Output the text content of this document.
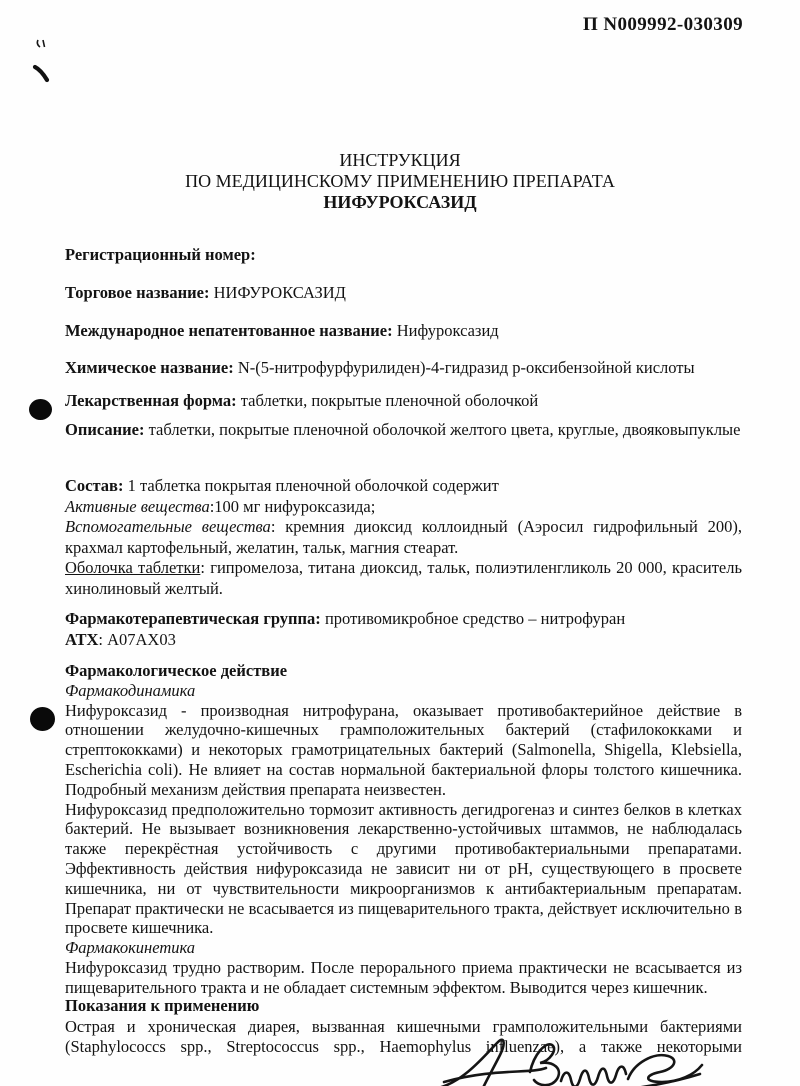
П N009992-030309
ИНСТРУКЦИЯ
ПО МЕДИЦИНСКОМУ ПРИМЕНЕНИЮ ПРЕПАРАТА
НИФУРОКСАЗИД
Регистрационный номер:
Торговое название: НИФУРОКСАЗИД
Международное непатентованное название: Нифуроксазид
Химическое название: N-(5-нитрофурфурилиден)-4-гидразид р-оксибензойной кислоты
Лекарственная форма: таблетки, покрытые пленочной оболочкой
Описание: таблетки, покрытые пленочной оболочкой желтого цвета, круглые, двояковыпуклые

Состав: 1 таблетка покрытая пленочной оболочкой содержит

Активные вещества:100 мг нифуроксазида;

Вспомогательные вещества: кремния диоксид коллоидный (Аэросил гидрофильный 200), крахмал картофельный, желатин, тальк, магния стеарат.

Оболочка таблетки: гипромелоза, титана диоксид, тальк, полиэтиленгликоль 20 000, краситель хинолиновый желтый.

Фармакотерапевтическая группа: противомикробное средство – нитрофуран

АТХ: A07AX03

Фармакологическое действие

Фармакодинамика

Нифуроксазид - производная нитрофурана, оказывает противобактерийное действие в отношении желудочно-кишечных грамположительных бактерий (стафилококками и стрептококками) и некоторых грамотрицательных бактерий (Salmonella, Shigella, Klebsiella, Escherichia coli). Не влияет на состав нормальной бактериальной флоры толстого кишечника. Подробный механизм действия препарата неизвестен.

Нифуроксазид предположительно тормозит активность дегидрогеназ и синтез белков в клетках бактерий. Не вызывает возникновения лекарственно-устойчивых штаммов, не наблюдалась также перекрёстная устойчивость с другими противобактериальными препаратами. Эффективность действия нифуроксазида не зависит ни от pH, существующего в просвете кишечника, ни от чувствительности микроорганизмов к антибактериальным препаратам. Препарат практически не всасывается из пищеварительного тракта, действует исключительно в просвете кишечника.

Фармакокинетика

Нифуроксазид трудно растворим. После перорального приема практически не всасывается из пищеварительного тракта и не обладает системным эффектом. Выводится через кишечник.

Показания к применению

Острая и хроническая диарея, вызванная кишечными грамположительными бактериями (Staphylococcs spp., Streptococcus spp., Haemophylus influenzae), а также некоторыми
